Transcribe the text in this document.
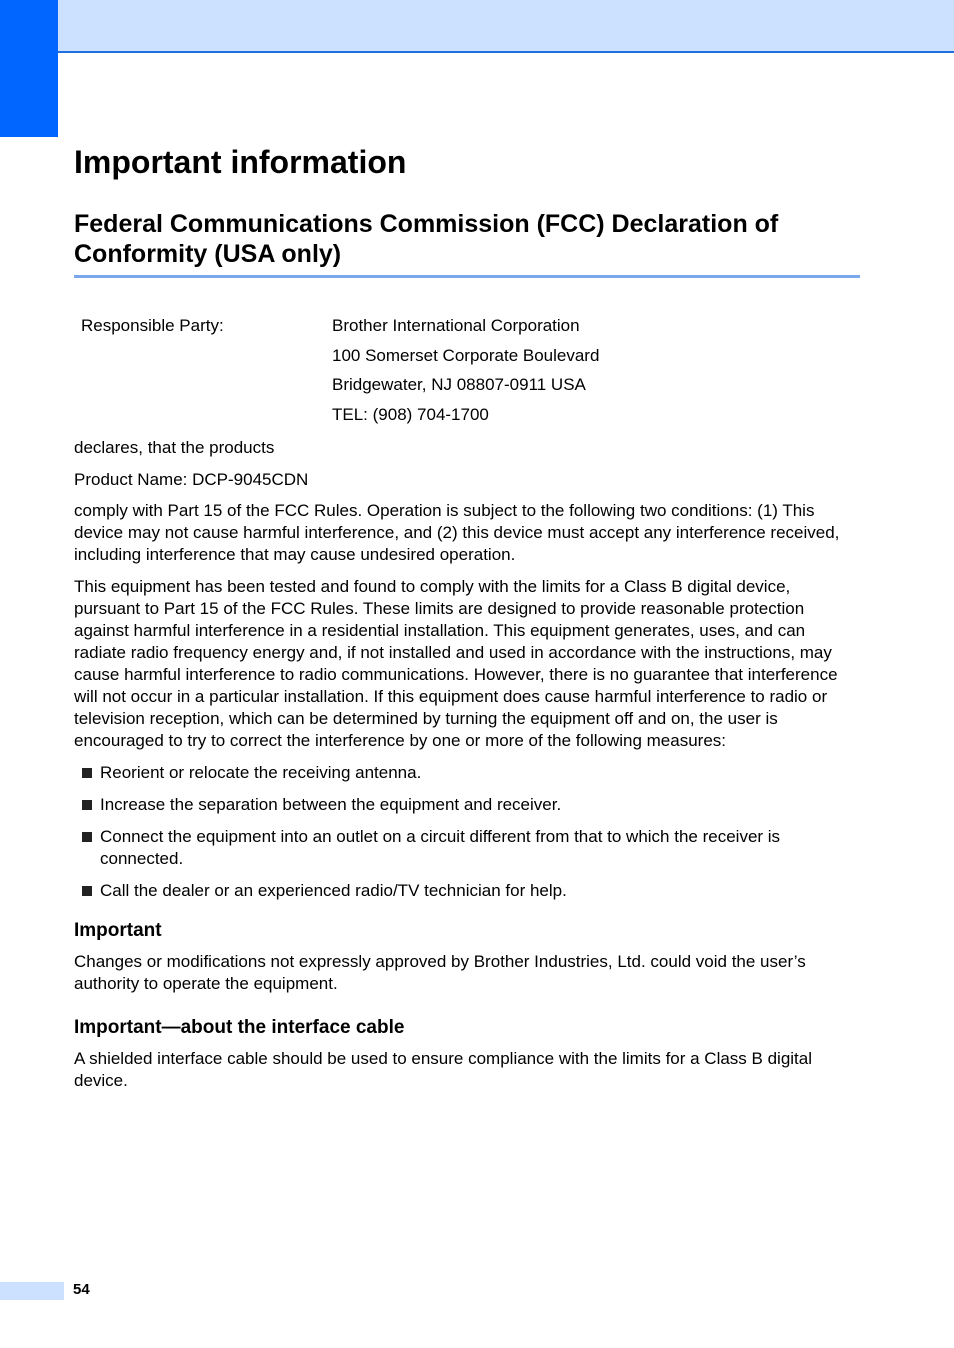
Important information
Federal Communications Commission (FCC) Declaration of Conformity (USA only)
Responsible Party:	Brother International Corporation
100 Somerset Corporate Boulevard
Bridgewater, NJ 08807-0911 USA
TEL: (908) 704-1700

declares, that the products

Product Name: DCP-9045CDN

comply with Part 15 of the FCC Rules. Operation is subject to the following two conditions: (1) This device may not cause harmful interference, and (2) this device must accept any interference received, including interference that may cause undesired operation.

This equipment has been tested and found to comply with the limits for a Class B digital device, pursuant to Part 15 of the FCC Rules. These limits are designed to provide reasonable protection against harmful interference in a residential installation. This equipment generates, uses, and can radiate radio frequency energy and, if not installed and used in accordance with the instructions, may cause harmful interference to radio communications. However, there is no guarantee that interference will not occur in a particular installation. If this equipment does cause harmful interference to radio or television reception, which can be determined by turning the equipment off and on, the user is encouraged to try to correct the interference by one or more of the following measures:

Reorient or relocate the receiving antenna.
Increase the separation between the equipment and receiver.
Connect the equipment into an outlet on a circuit different from that to which the receiver is connected.
Call the dealer or an experienced radio/TV technician for help.
Important

Changes or modifications not expressly approved by Brother Industries, Ltd. could void the user’s authority to operate the equipment.

Important—about the interface cable

A shielded interface cable should be used to ensure compliance with the limits for a Class B digital device.

54
